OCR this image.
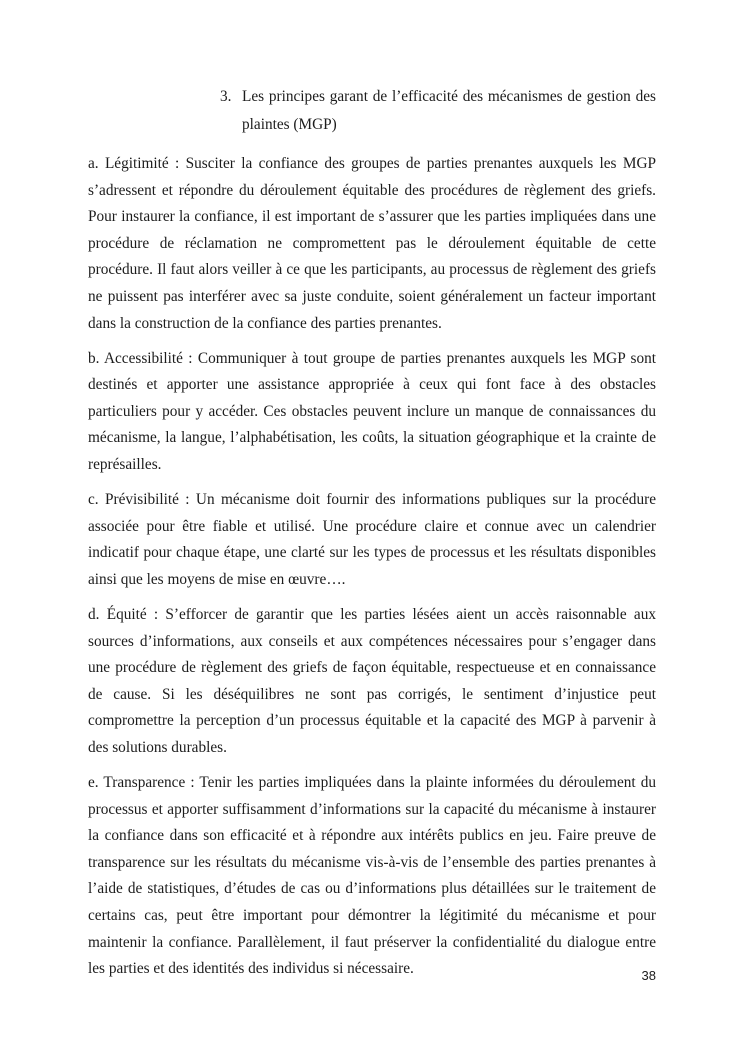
3. Les principes garant de l’efficacité des mécanismes de gestion des plaintes (MGP)

a. Légitimité : Susciter la confiance des groupes de parties prenantes auxquels les MGP s’adressent et répondre du déroulement équitable des procédures de règlement des griefs. Pour instaurer la confiance, il est important de s’assurer que les parties impliquées dans une procédure de réclamation ne compromettent pas le déroulement équitable de cette procédure. Il faut alors veiller à ce que les participants, au processus de règlement des griefs ne puissent pas interférer avec sa juste conduite, soient généralement un facteur important dans la construction de la confiance des parties prenantes.

b. Accessibilité : Communiquer à tout groupe de parties prenantes auxquels les MGP sont destinés et apporter une assistance appropriée à ceux qui font face à des obstacles particuliers pour y accéder. Ces obstacles peuvent inclure un manque de connaissances du mécanisme, la langue, l’alphabétisation, les coûts, la situation géographique et la crainte de représailles.

c. Prévisibilité : Un mécanisme doit fournir des informations publiques sur la procédure associée pour être fiable et utilisé. Une procédure claire et connue avec un calendrier indicatif pour chaque étape, une clarté sur les types de processus et les résultats disponibles ainsi que les moyens de mise en œuvre….

d. Équité : S’efforcer de garantir que les parties lésées aient un accès raisonnable aux sources d’informations, aux conseils et aux compétences nécessaires pour s’engager dans une procédure de règlement des griefs de façon équitable, respectueuse et en connaissance de cause. Si les déséquilibres ne sont pas corrigés, le sentiment d’injustice peut compromettre la perception d’un processus équitable et la capacité des MGP à parvenir à des solutions durables.

e. Transparence : Tenir les parties impliquées dans la plainte informées du déroulement du processus et apporter suffisamment d’informations sur la capacité du mécanisme à instaurer la confiance dans son efficacité et à répondre aux intérêts publics en jeu. Faire preuve de transparence sur les résultats du mécanisme vis-à-vis de l’ensemble des parties prenantes à l’aide de statistiques, d’études de cas ou d’informations plus détaillées sur le traitement de certains cas, peut être important pour démontrer la légitimité du mécanisme et pour maintenir la confiance. Parallèlement, il faut préserver la confidentialité du dialogue entre les parties et des identités des individus si nécessaire.	38
